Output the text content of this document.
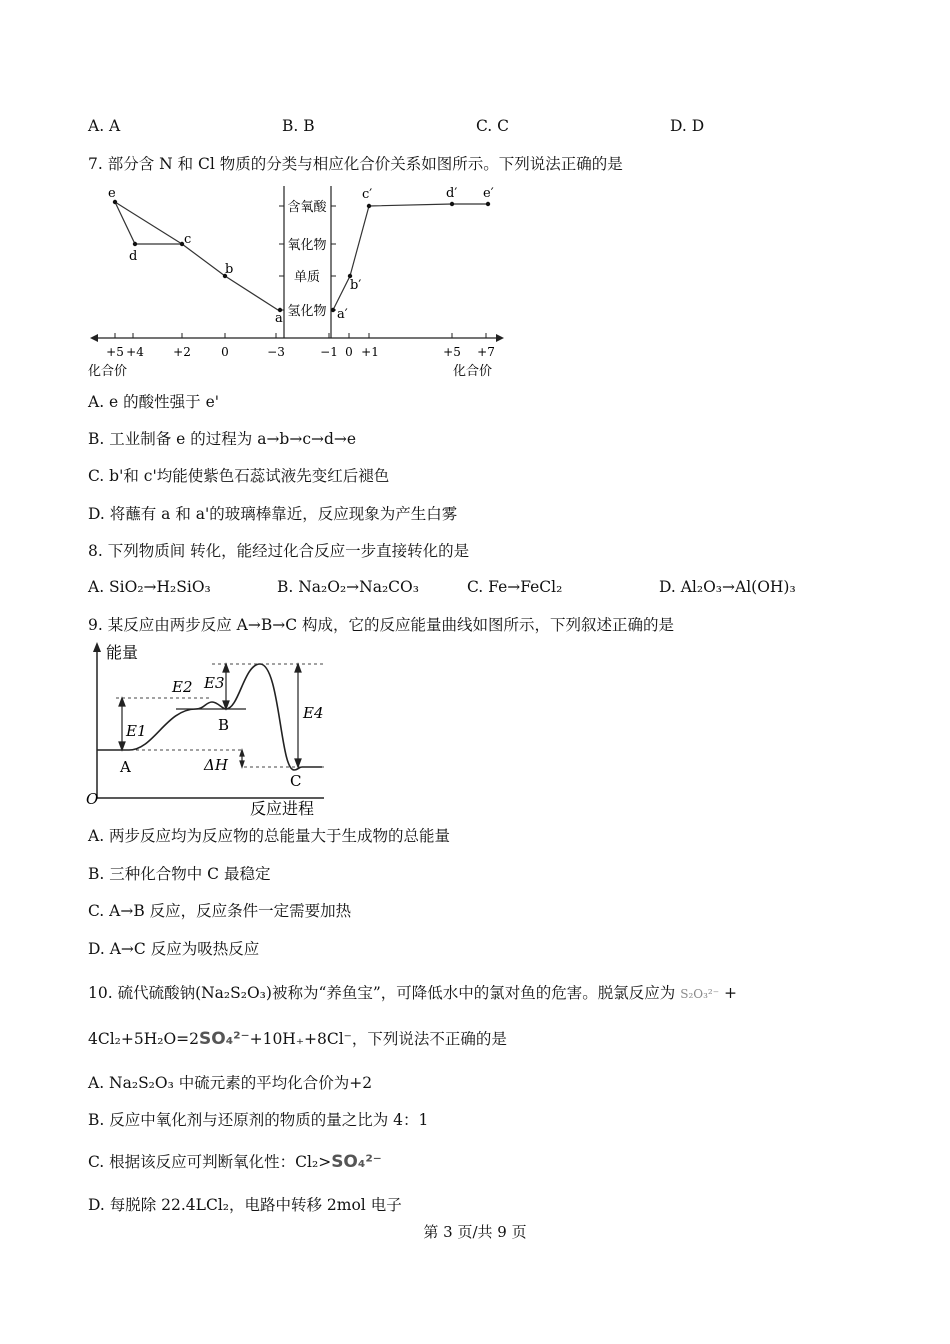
A. A	B. B	C. C	D. D
7. 部分含 N 和 Cl 物质的分类与相应化合价关系如图所示。下列说法正确的是
含氧酸
氧化物
单质
氢化物
+5 +4 +2	0	−3	−1 0 +1	+5 +7
化合价	化合价
e
d
c
b
a	a′
b′
c′	d′ e′
A. e 的酸性强于 e'
B. 工业制备 e 的过程为 a→b→c→d→e
C. b'和 c'均能使紫色石蕊试液先变红后褪色
D. 将蘸有 a 和 a'的玻璃棒靠近，反应现象为产生白雾
8. 下列物质间 转化，能经过化合反应一步直接转化的是
A. SiO₂→H₂SiO₃	B. Na₂O₂→Na₂CO₃	C. Fe→FeCl₂	D. Al₂O₃→Al(OH)₃
9. 某反应由两步反应 A→B→C 构成，它的反应能量曲线如图所示，下列叙述正确的是
能量
O	反应进程
E1
E2 E3
E4
ΔH
A
B
C
A. 两步反应均为反应物的总能量大于生成物的总能量
B. 三种化合物中 C 最稳定
C. A→B 反应，反应条件一定需要加热
D. A→C 反应为吸热反应
10. 硫代硫酸钠(Na₂S₂O₃)被称为“养鱼宝”，可降低水中的氯对鱼的危害。脱氯反应为 S₂O₃²⁻ +
4Cl₂+5H₂O=2SO₄²⁻+10H₊+8Cl⁻，下列说法不正确的是
A. Na₂S₂O₃ 中硫元素的平均化合价为+2
B. 反应中氧化剂与还原剂的物质的量之比为 4：1
C. 根据该反应可判断氧化性：Cl₂>SO₄²⁻
D. 每脱除 22.4LCl₂，电路中转移 2mol 电子
第 3 页/共 9 页
